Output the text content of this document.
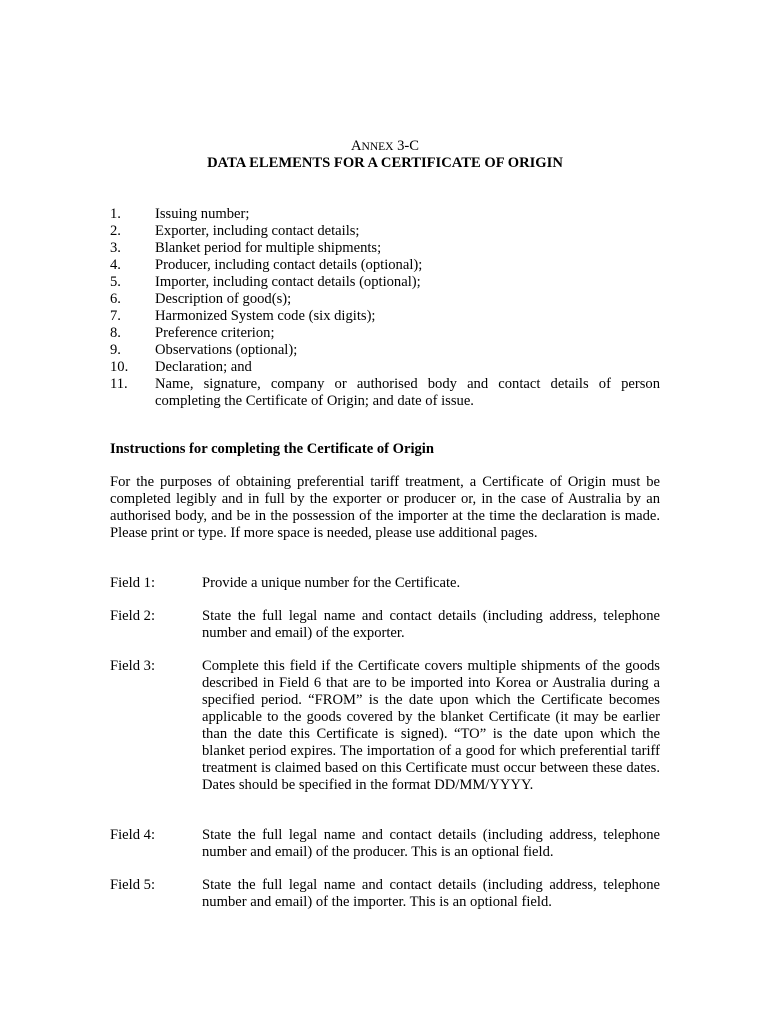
ANNEX 3-C
DATA ELEMENTS FOR A CERTIFICATE OF ORIGIN
1.	Issuing number;
2.	Exporter, including contact details;
3.	Blanket period for multiple shipments;
4.	Producer, including contact details (optional);
5.	Importer, including contact details (optional);
6.	Description of good(s);
7.	Harmonized System code (six digits);
8.	Preference criterion;
9.	Observations (optional);
10.	Declaration; and
11.	Name, signature, company or authorised body and contact details of person completing the Certificate of Origin; and date of issue.
Instructions for completing the Certificate of Origin

For the purposes of obtaining preferential tariff treatment, a Certificate of Origin must be completed legibly and in full by the exporter or producer or, in the case of Australia by an authorised body, and be in the possession of the importer at the time the declaration is made. Please print or type. If more space is needed, please use additional pages.

Field 1:	Provide a unique number for the Certificate.
Field 2:	State the full legal name and contact details (including address, telephone number and email) of the exporter.
Field 3:	Complete this field if the Certificate covers multiple shipments of the goods described in Field 6 that are to be imported into Korea or Australia during a specified period. “FROM” is the date upon which the Certificate becomes applicable to the goods covered by the blanket Certificate (it may be earlier than the date this Certificate is signed). “TO” is the date upon which the blanket period expires. The importation of a good for which preferential tariff treatment is claimed based on this Certificate must occur between these dates. Dates should be specified in the format DD/MM/YYYY.
Field 4:	State the full legal name and contact details (including address, telephone number and email) of the producer. This is an optional field.
Field 5:	State the full legal name and contact details (including address, telephone number and email) of the importer. This is an optional field.
